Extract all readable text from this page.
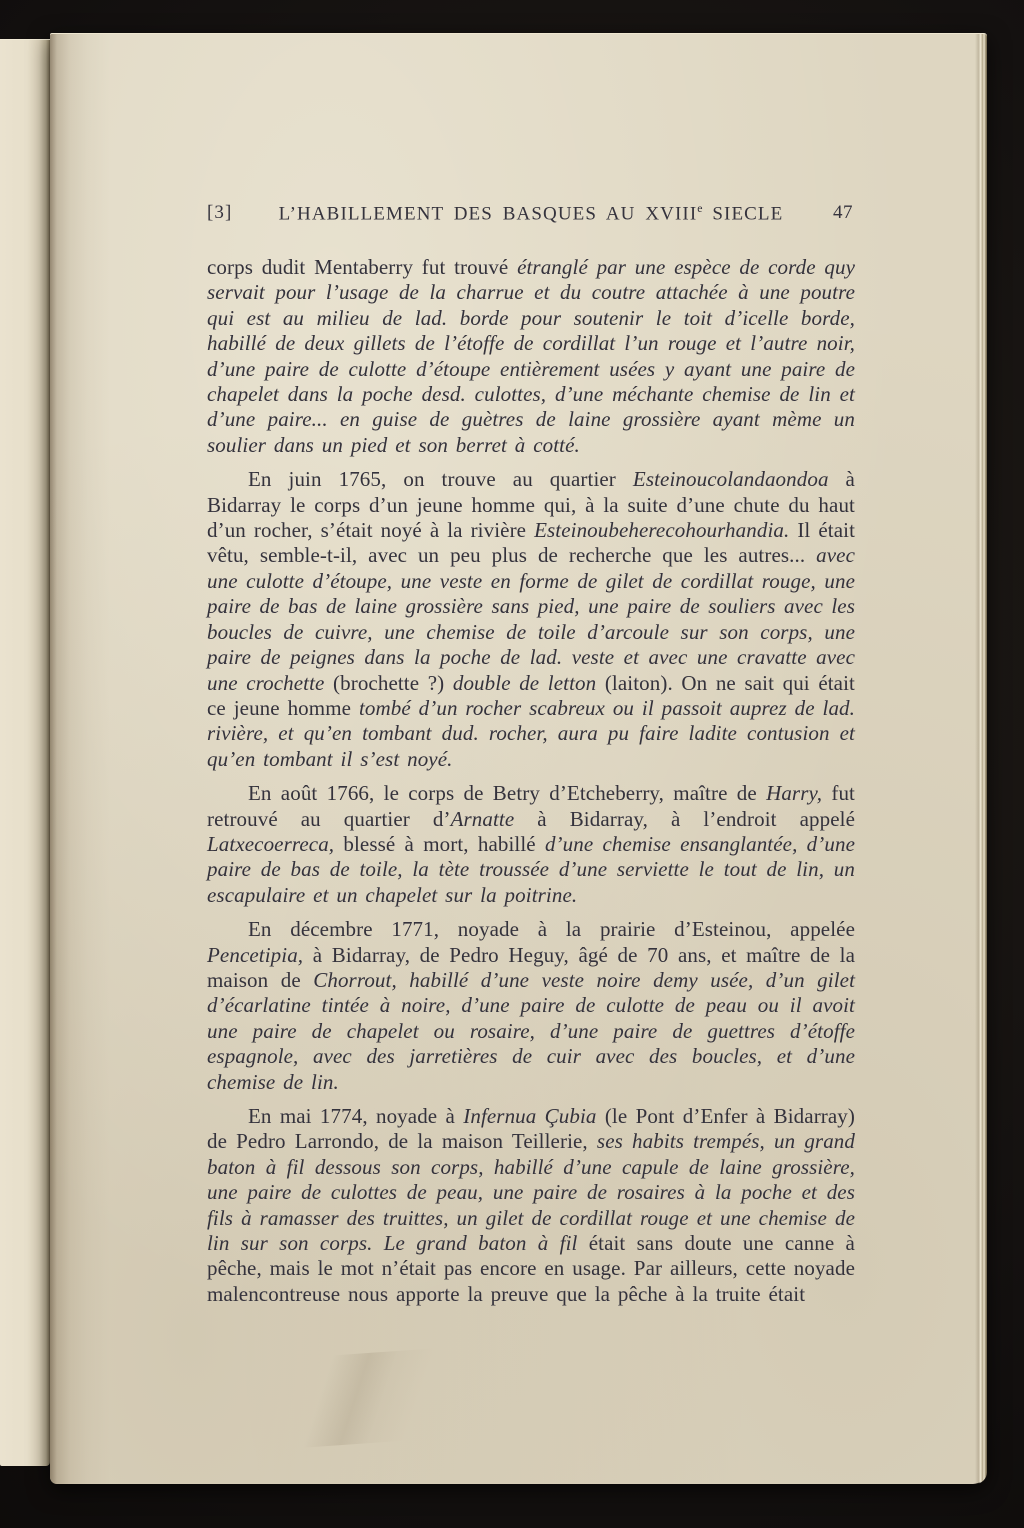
[3]	L’HABILLEMENT DES BASQUES AU XVIIIe SIECLE	47

corps dudit Mentaberry fut trouvé étranglé par une espèce de corde quy servait pour l’usage de la charrue et du coutre attachée à une poutre qui est au milieu de lad. borde pour soutenir le toit d’icelle borde, habillé de deux gillets de l’étoffe de cordillat l’un rouge et l’autre noir, d’une paire de culotte d’étoupe entièrement usées y ayant une paire de chapelet dans la poche desd. culottes, d’une méchante chemise de lin et d’une paire... en guise de guètres de laine grossière ayant mème un soulier dans un pied et son berret à cotté.

En juin 1765, on trouve au quartier Esteinoucolandaondoa à Bidarray le corps d’un jeune homme qui, à la suite d’une chute du haut d’un rocher, s’était noyé à la rivière Esteinoubeherecohourhandia. Il était vêtu, semble-t-il, avec un peu plus de recherche que les autres... avec une culotte d’étoupe, une veste en forme de gilet de cordillat rouge, une paire de bas de laine grossière sans pied, une paire de souliers avec les boucles de cuivre, une chemise de toile d’arcoule sur son corps, une paire de peignes dans la poche de lad. veste et avec une cravatte avec une crochette (brochette ?) double de letton (laiton). On ne sait qui était ce jeune homme tombé d’un rocher scabreux ou il passoit auprez de lad. rivière, et qu’en tombant dud. rocher, aura pu faire ladite contusion et qu’en tombant il s’est noyé.

En août 1766, le corps de Betry d’Etcheberry, maître de Harry, fut retrouvé au quartier d’Arnatte à Bidarray, à l’endroit appelé Latxecoerreca, blessé à mort, habillé d’une chemise ensanglantée, d’une paire de bas de toile, la tète troussée d’une serviette le tout de lin, un escapulaire et un chapelet sur la poitrine.

En décembre 1771, noyade à la prairie d’Esteinou, appelée Pencetipia, à Bidarray, de Pedro Heguy, âgé de 70 ans, et maître de la maison de Chorrout, habillé d’une veste noire demy usée, d’un gilet d’écarlatine tintée à noire, d’une paire de culotte de peau ou il avoit une paire de chapelet ou rosaire, d’une paire de guettres d’étoffe espagnole, avec des jarretières de cuir avec des boucles, et d’une chemise de lin.

En mai 1774, noyade à Infernua Çubia (le Pont d’Enfer à Bidarray) de Pedro Larrondo, de la maison Teillerie, ses habits trempés, un grand baton à fil dessous son corps, habillé d’une capule de laine grossière, une paire de culottes de peau, une paire de rosaires à la poche et des fils à ramasser des truittes, un gilet de cordillat rouge et une chemise de lin sur son corps. Le grand baton à fil était sans doute une canne à pêche, mais le mot n’était pas encore en usage. Par ailleurs, cette noyade malencontreuse nous apporte la preuve que la pêche à la truite était
